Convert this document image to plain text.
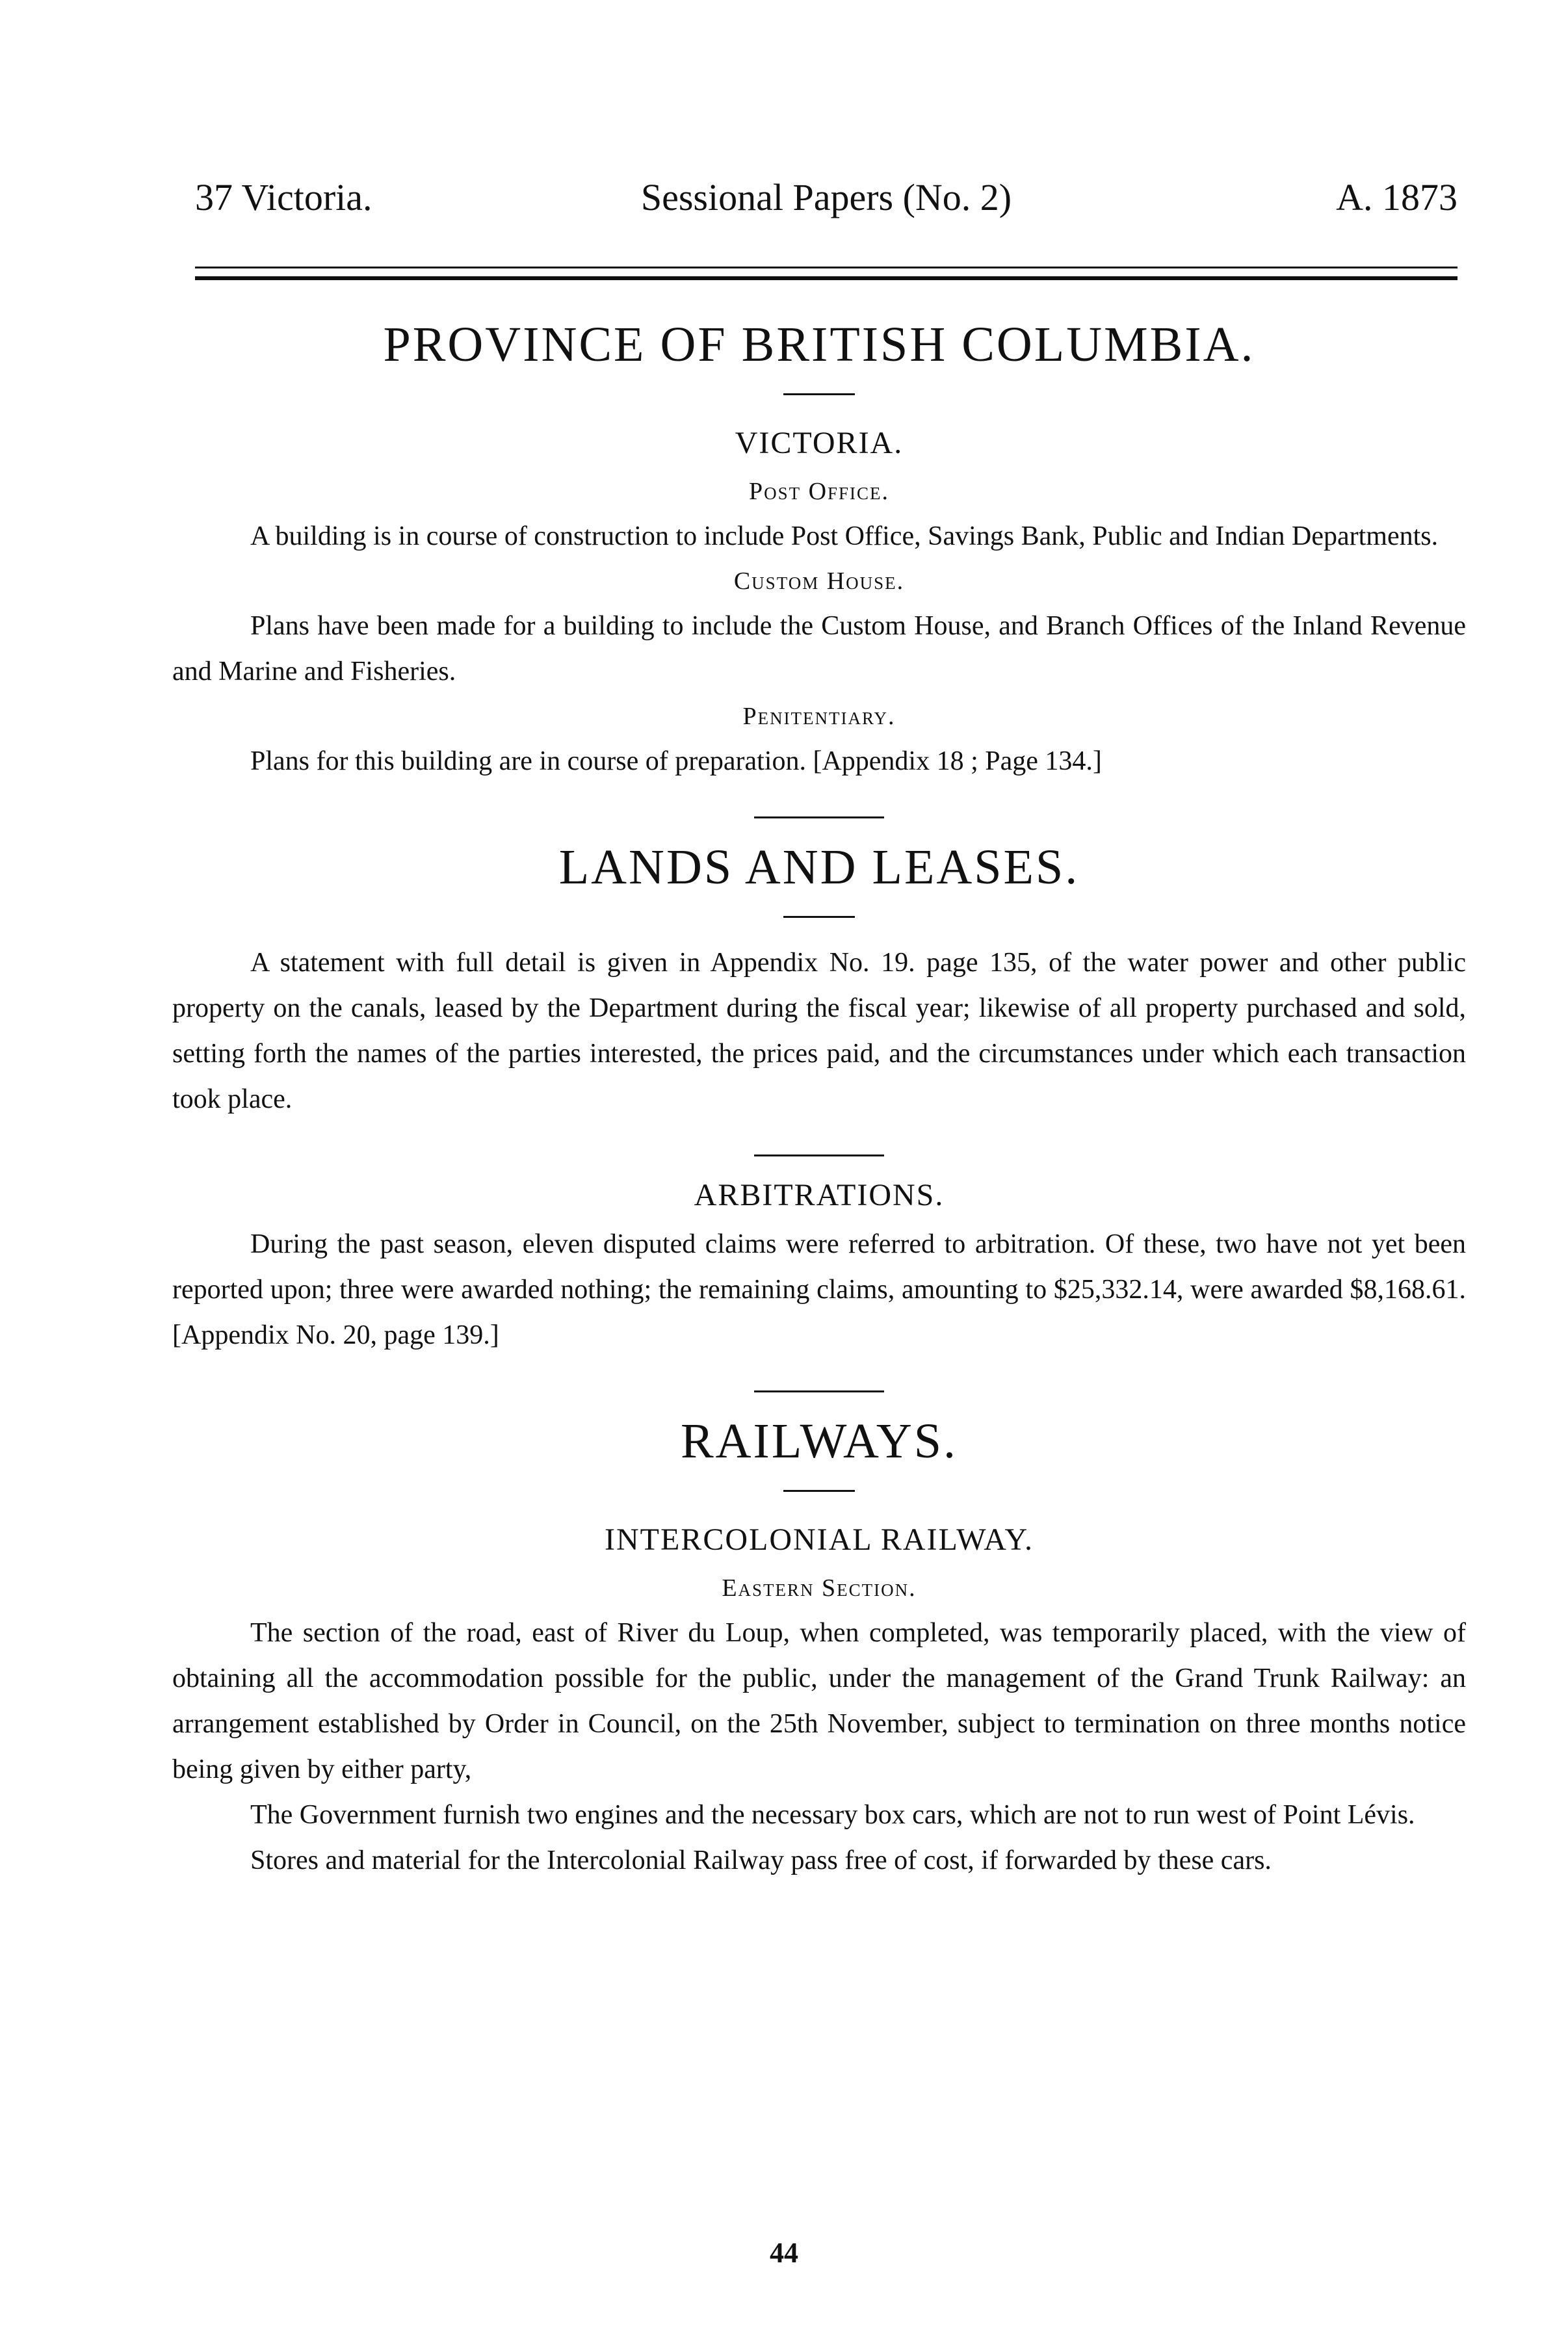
37 Victoria.	Sessional Papers (No. 2)	A. 1873
PROVINCE OF BRITISH COLUMBIA.
VICTORIA.
Post Office.

A building is in course of construction to include Post Office, Savings Bank, Public and Indian Departments.

Custom House.

Plans have been made for a building to include the Custom House, and Branch Offices of the Inland Revenue and Marine and Fisheries.

Penitentiary.

Plans for this building are in course of preparation. [Appendix 18 ; Page 134.]

LANDS AND LEASES.

A statement with full detail is given in Appendix No. 19. page 135, of the water power and other public property on the canals, leased by the Department during the fiscal year; likewise of all property purchased and sold, setting forth the names of the parties interested, the prices paid, and the circumstances under which each transaction took place.

ARBITRATIONS.

During the past season, eleven disputed claims were referred to arbitration. Of these, two have not yet been reported upon; three were awarded nothing; the remaining claims, amounting to $25,332.14, were awarded $8,168.61. [Appendix No. 20, page 139.]

RAILWAYS.
INTERCOLONIAL RAILWAY.
Eastern Section.

The section of the road, east of River du Loup, when completed, was temporarily placed, with the view of obtaining all the accommodation possible for the public, under the management of the Grand Trunk Railway: an arrangement established by Order in Council, on the 25th November, subject to termination on three months notice being given by either party,

The Government furnish two engines and the necessary box cars, which are not to run west of Point Lévis.

Stores and material for the Intercolonial Railway pass free of cost, if forwarded by these cars.

44
